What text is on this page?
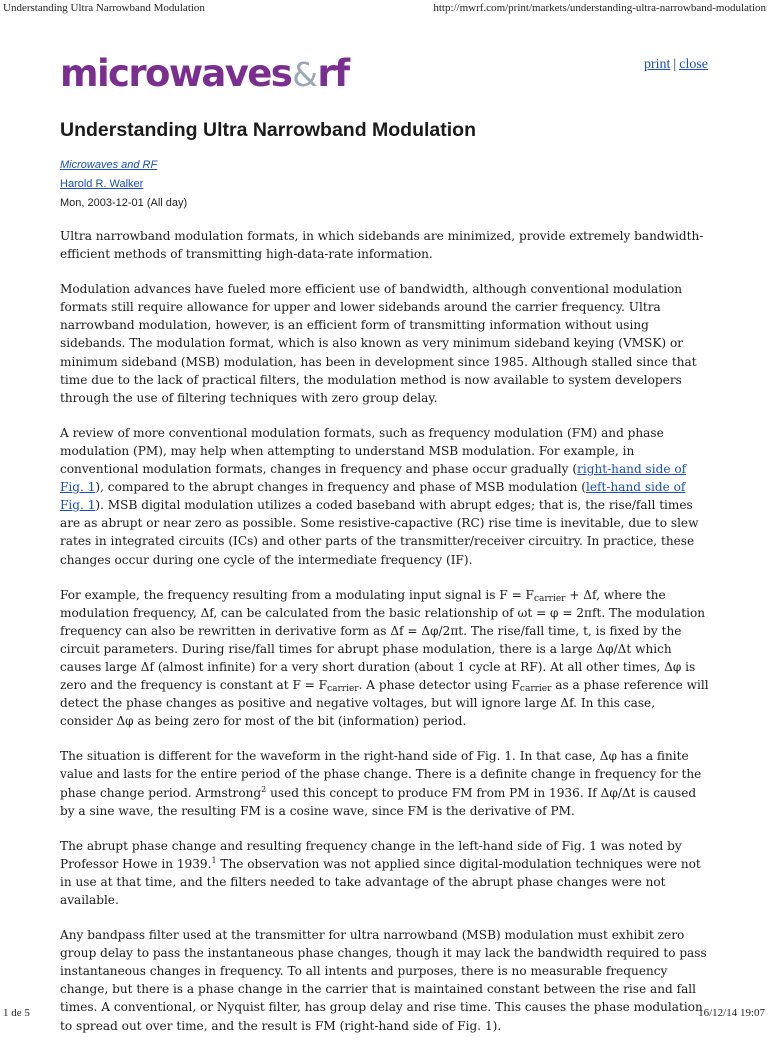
Understanding Ultra Narrowband Modulation	http://mwrf.com/print/markets/understanding-ultra-narrowband-modulation
microwaves&rf	print | close
Understanding Ultra Narrowband Modulation
Microwaves and RF
Harold R. Walker
Mon, 2003-12-01 (All day)

Ultra narrowband modulation formats, in which sidebands are minimized, provide extremely bandwidth-efficient methods of transmitting high-data-rate information.

Modulation advances have fueled more efficient use of bandwidth, although conventional modulation formats still require allowance for upper and lower sidebands around the carrier frequency. Ultra narrowband modulation, however, is an efficient form of transmitting information without using sidebands. The modulation format, which is also known as very minimum sideband keying (VMSK) or minimum sideband (MSB) modulation, has been in development since 1985. Although stalled since that time due to the lack of practical filters, the modulation method is now available to system developers through the use of filtering techniques with zero group delay.

A review of more conventional modulation formats, such as frequency modulation (FM) and phase modulation (PM), may help when attempting to understand MSB modulation. For example, in conventional modulation formats, changes in frequency and phase occur gradually (right-hand side of Fig. 1), compared to the abrupt changes in frequency and phase of MSB modulation (left-hand side of Fig. 1). MSB digital modulation utilizes a coded baseband with abrupt edges; that is, the rise/fall times are as abrupt or near zero as possible. Some resistive-capactive (RC) rise time is inevitable, due to slew rates in integrated circuits (ICs) and other parts of the transmitter/receiver circuitry. In practice, these changes occur during one cycle of the intermediate frequency (IF).

For example, the frequency resulting from a modulating input signal is $F = F_{carrier} + \Delta f$, where the modulation frequency, Δf, can be calculated from the basic relationship of ωt = φ = 2πft. The modulation frequency can also be rewritten in derivative form as Δf = Δφ/2πt. The rise/fall time, t, is fixed by the circuit parameters. During rise/fall times for abrupt phase modulation, there is a large Δφ/Δt which causes large Δf (almost infinite) for a very short duration (about 1 cycle at RF). At all other times, Δφ is zero and the frequency is constant at $F = F_{carrier}$. A phase detector using $F_{carrier}$ as a phase reference will detect the phase changes as positive and negative voltages, but will ignore large Δf. In this case, consider Δφ as being zero for most of the bit (information) period.

The situation is different for the waveform in the right-hand side of Fig. 1. In that case, Δφ has a finite value and lasts for the entire period of the phase change. There is a definite change in frequency for the phase change period. Armstrong$^2$ used this concept to produce FM from PM in 1936. If Δφ/Δt is caused by a sine wave, the resulting FM is a cosine wave, since FM is the derivative of PM.

The abrupt phase change and resulting frequency change in the left-hand side of Fig. 1 was noted by Professor Howe in 1939.$^1$ The observation was not applied since digital-modulation techniques were not in use at that time, and the filters needed to take advantage of the abrupt phase changes were not available.

Any bandpass filter used at the transmitter for ultra narrowband (MSB) modulation must exhibit zero group delay to pass the instantaneous phase changes, though it may lack the bandwidth required to pass instantaneous changes in frequency. To all intents and purposes, there is no measurable frequency change, but there is a phase change in the carrier that is maintained constant between the rise and fall times. A conventional, or Nyquist filter, has group delay and rise time. This causes the phase modulation to spread out over time, and the result is FM (right-hand side of Fig. 1).

1 de 5	16/12/14 19:07
